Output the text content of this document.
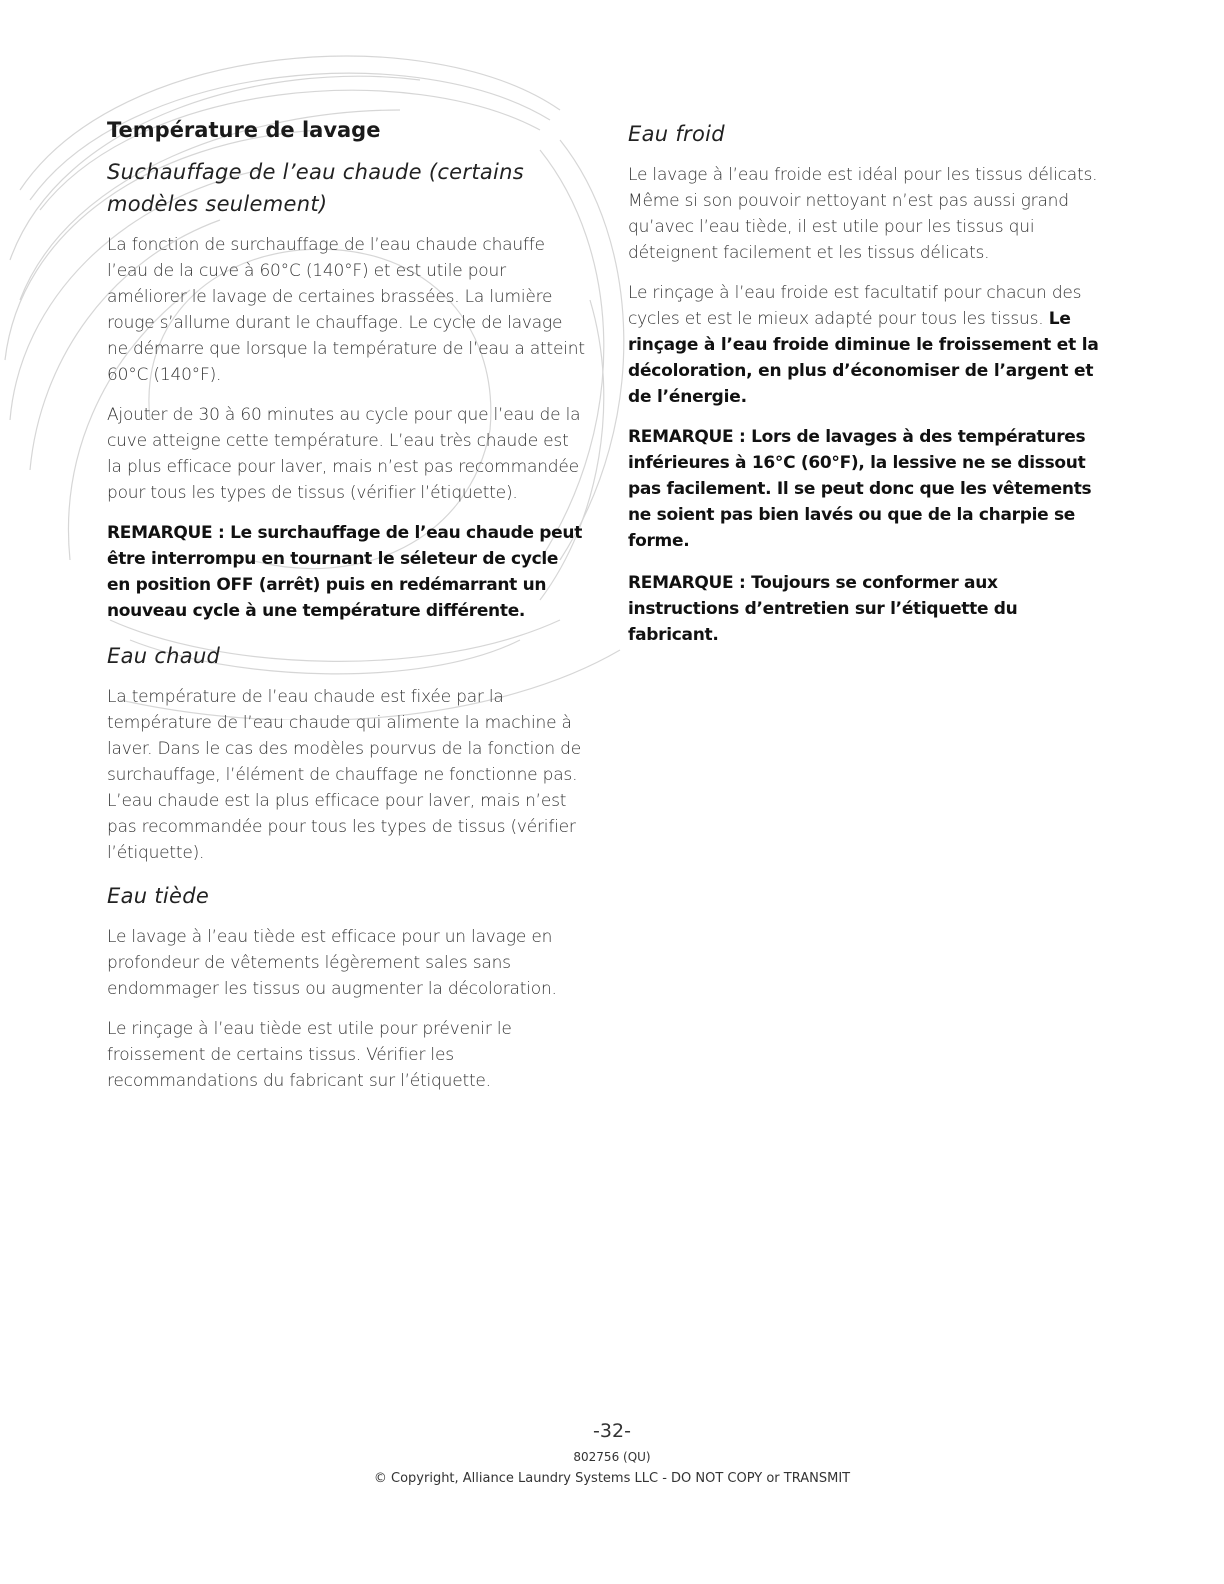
Température de lavage
Suchauffage de l’eau chaude (certains modèles seulement)

La fonction de surchauffage de l’eau chaude chauffe l’eau de la cuve à 60°C (140°F) et est utile pour améliorer le lavage de certaines brassées. La lumière rouge s’allume durant le chauffage. Le cycle de lavage ne démarre que lorsque la température de l’eau a atteint 60°C (140°F).

Ajouter de 30 à 60 minutes au cycle pour que l’eau de la cuve atteigne cette température. L’eau très chaude est la plus efficace pour laver, mais n’est pas recommandée pour tous les types de tissus (vérifier l’étiquette).

REMARQUE : Le surchauffage de l’eau chaude peut être interrompu en tournant le séleteur de cycle en position OFF (arrêt) puis en redémarrant un nouveau cycle à une température différente.

Eau chaud

La température de l’eau chaude est fixée par la température de l’eau chaude qui alimente la machine à laver. Dans le cas des modèles pourvus de la fonction de surchauffage, l’élément de chauffage ne fonctionne pas. L’eau chaude est la plus efficace pour laver, mais n’est pas recommandée pour tous les types de tissus (vérifier l’étiquette).

Eau tiède

Le lavage à l’eau tiède est efficace pour un lavage en profondeur de vêtements légèrement sales sans endommager les tissus ou augmenter la décoloration.

Le rinçage à l’eau tiède est utile pour prévenir le froissement de certains tissus. Vérifier les recommandations du fabricant sur l’étiquette.

Eau froid

Le lavage à l’eau froide est idéal pour les tissus délicats. Même si son pouvoir nettoyant n’est pas aussi grand qu’avec l’eau tiède, il est utile pour les tissus qui déteignent facilement et les tissus délicats.

Le rinçage à l’eau froide est facultatif pour chacun des cycles et est le mieux adapté pour tous les tissus. Le rinçage à l’eau froide diminue le froissement et la décoloration, en plus d’économiser de l’argent et de l’énergie.

REMARQUE : Lors de lavages à des températures inférieures à 16°C (60°F), la lessive ne se dissout pas facilement. Il se peut donc que les vêtements ne soient pas bien lavés ou que de la charpie se forme.

REMARQUE : Toujours se conformer aux instructions d’entretien sur l’étiquette du fabricant.

-32-
802756 (QU)
© Copyright, Alliance Laundry Systems LLC - DO NOT COPY or TRANSMIT
